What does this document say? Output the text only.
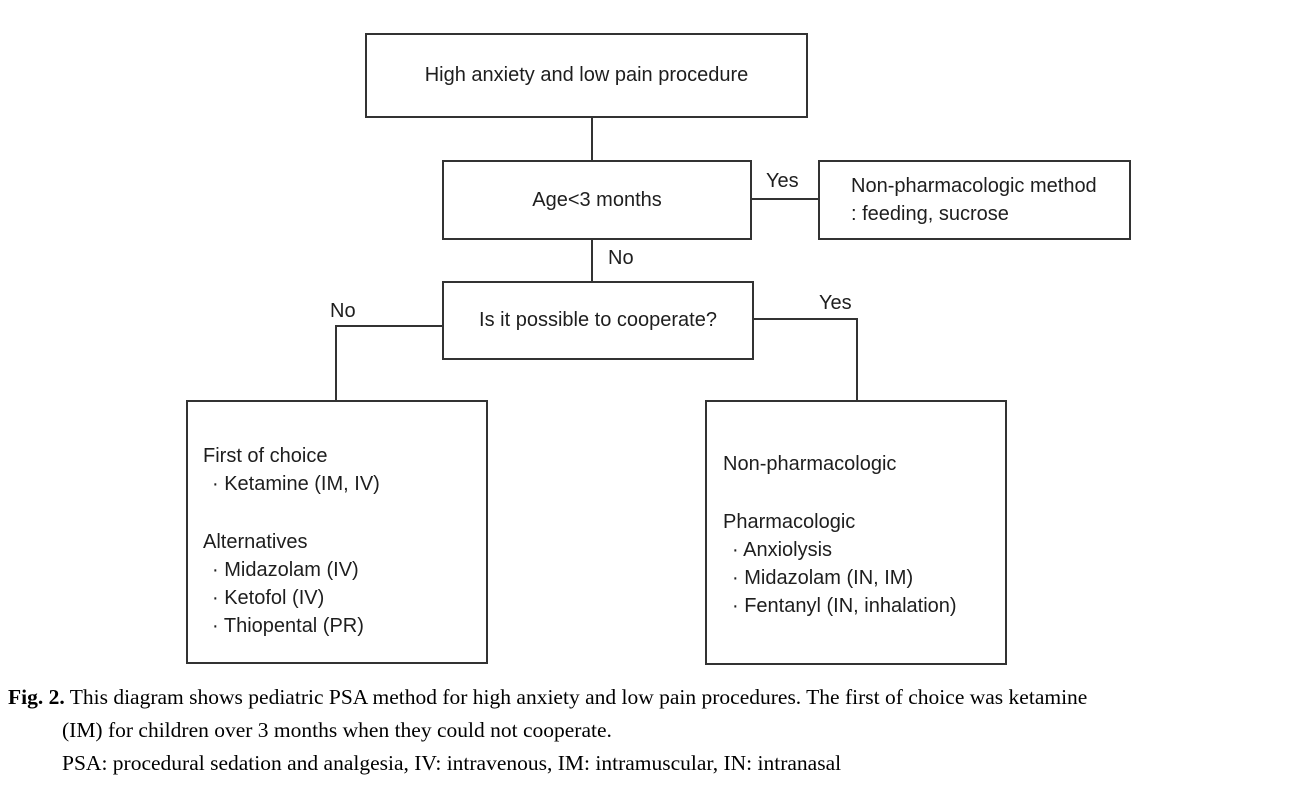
Yes
No
No	Yes
High anxiety and low pain procedure
Age<3 months
Non-pharmacologic method
: feeding, sucrose
Is it possible to cooperate?
First of choice
· Ketamine (IM, IV)
Alternatives
· Midazolam (IV)
· Ketofol (IV)
· Thiopental (PR)
Non-pharmacologic
Pharmacologic
· Anxiolysis
· Midazolam (IN, IM)
· Fentanyl (IN, inhalation)
Fig. 2. This diagram shows pediatric PSA method for high anxiety and low pain procedures. The first of choice was ketamine
(IM) for children over 3 months when they could not cooperate.
PSA: procedural sedation and analgesia, IV: intravenous, IM: intramuscular, IN: intranasal
